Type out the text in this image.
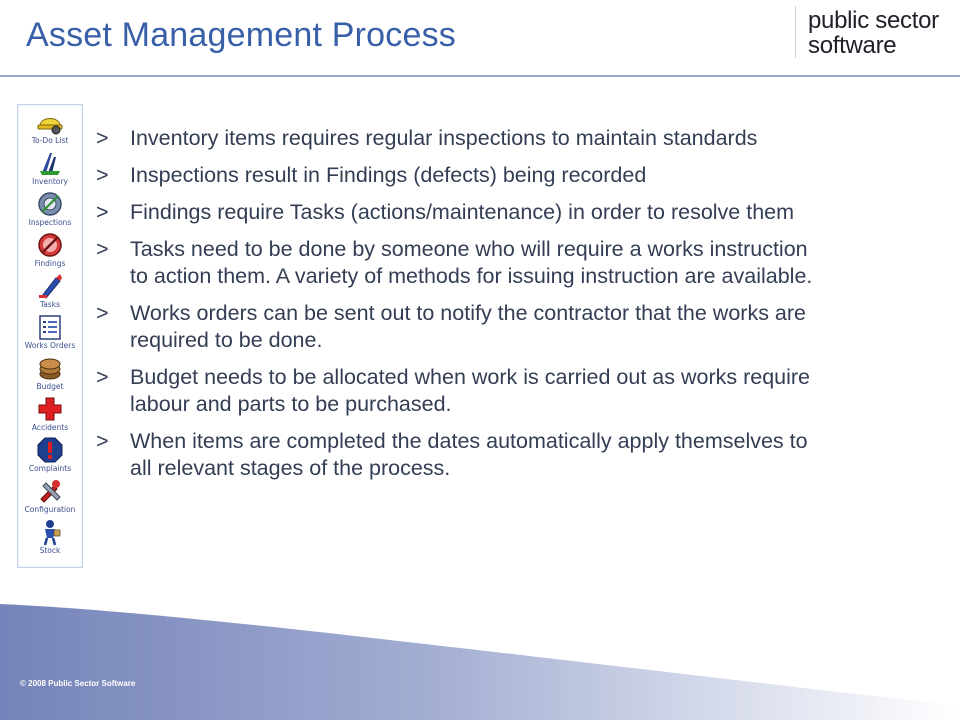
Asset Management Process	public sector
software
To-Do List
Inventory
Inspections
Findings
Tasks
Works Orders
Budget
Accidents
Complaints
Configuration
Stock
> Inventory items requires regular inspections to maintain standards
> Inspections result in Findings (defects) being recorded
> Findings require Tasks (actions/maintenance) in order to resolve them
> Tasks need to be done by someone who will require a works instruction to action them. A variety of methods for issuing instruction are available.
> Works orders can be sent out to notify the contractor that the works are required to be done.
> Budget needs to be allocated when work is carried out as works require labour and parts to be purchased.
> When items are completed the dates automatically apply themselves to all relevant stages of the process.
© 2008 Public Sector Software
